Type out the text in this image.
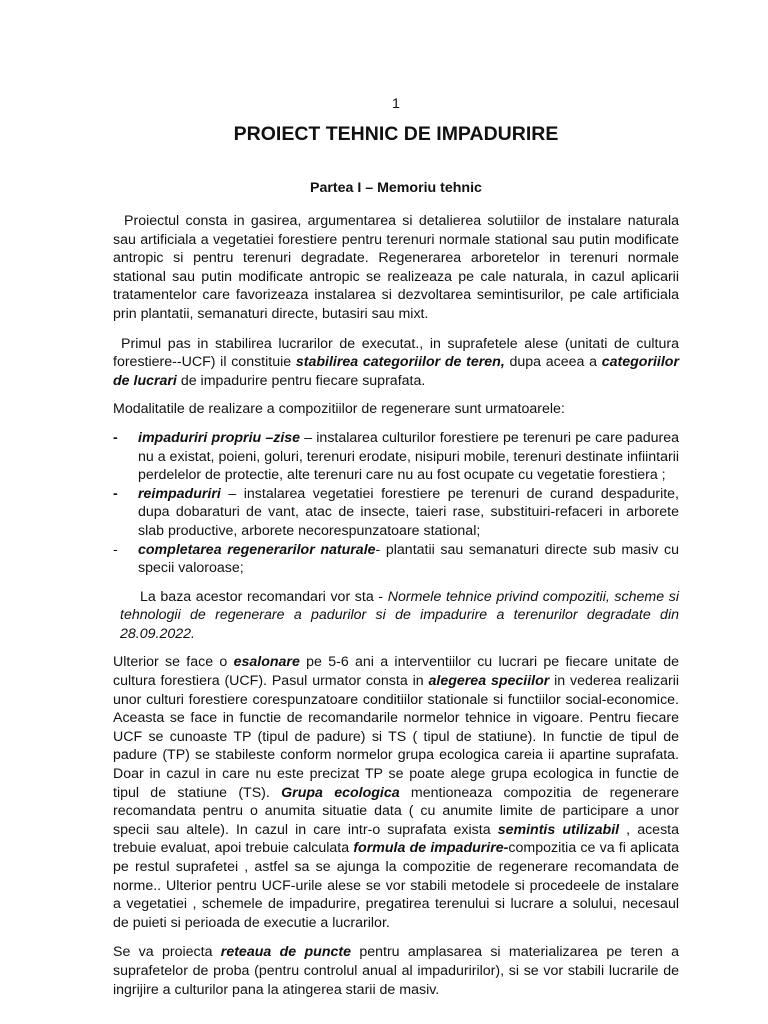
1
PROIECT TEHNIC DE IMPADURIRE
Partea I – Memoriu tehnic

Proiectul consta in gasirea, argumentarea si detalierea solutiilor de instalare naturala sau artificiala a vegetatiei forestiere pentru terenuri normale stational sau putin modificate antropic si pentru terenuri degradate. Regenerarea arboretelor in terenuri normale stational sau putin modificate antropic se realizeaza pe cale naturala, in cazul aplicarii tratamentelor care favorizeaza instalarea si dezvoltarea semintisurilor, pe cale artificiala prin plantatii, semanaturi directe, butasiri sau mixt.

Primul pas in stabilirea lucrarilor de executat., in suprafetele alese (unitati de cultura forestiere--UCF) il constituie stabilirea categoriilor de teren, dupa aceea a categoriilor de lucrari de impadurire pentru fiecare suprafata.

Modalitatile de realizare a compozitiilor de regenerare sunt urmatoarele:

- impaduriri propriu –zise – instalarea culturilor forestiere pe terenuri pe care padurea nu a existat, poieni, goluri, terenuri erodate, nisipuri mobile, terenuri destinate infiintarii perdelelor de protectie, alte terenuri care nu au fost ocupate cu vegetatie forestiera ;
- reimpaduriri – instalarea vegetatiei forestiere pe terenuri de curand despadurite, dupa dobaraturi de vant, atac de insecte, taieri rase, substituiri-refaceri in arborete slab productive, arborete necorespunzatoare stational;
- completarea regenerarilor naturale- plantatii sau semanaturi directe sub masiv cu specii valoroase;

La baza acestor recomandari vor sta - Normele tehnice privind compozitii, scheme si tehnologii de regenerare a padurilor si de impadurire a terenurilor degradate din 28.09.2022.

Ulterior se face o esalonare pe 5-6 ani a interventiilor cu lucrari pe fiecare unitate de cultura forestiera (UCF). Pasul urmator consta in alegerea speciilor in vederea realizarii unor culturi forestiere corespunzatoare conditiilor stationale si functiilor social-economice. Aceasta se face in functie de recomandarile normelor tehnice in vigoare. Pentru fiecare UCF se cunoaste TP (tipul de padure) si TS ( tipul de statiune). In functie de tipul de padure (TP) se stabileste conform normelor grupa ecologica careia ii apartine suprafata. Doar in cazul in care nu este precizat TP se poate alege grupa ecologica in functie de tipul de statiune (TS). Grupa ecologica mentioneaza compozitia de regenerare recomandata pentru o anumita situatie data ( cu anumite limite de participare a unor specii sau altele). In cazul in care intr-o suprafata exista semintis utilizabil , acesta trebuie evaluat, apoi trebuie calculata formula de impadurire-compozitia ce va fi aplicata pe restul suprafetei , astfel sa se ajunga la compozitie de regenerare recomandata de norme.. Ulterior pentru UCF-urile alese se vor stabili metodele si procedeele de instalare a vegetatiei , schemele de impadurire, pregatirea terenului si lucrare a solului, necesaul de puieti si perioada de executie a lucrarilor.

Se va proiecta reteaua de puncte pentru amplasarea si materializarea pe teren a suprafetelor de proba (pentru controlul anual al impaduririlor), si se vor stabili lucrarile de ingrijire a culturilor pana la atingerea starii de masiv.
